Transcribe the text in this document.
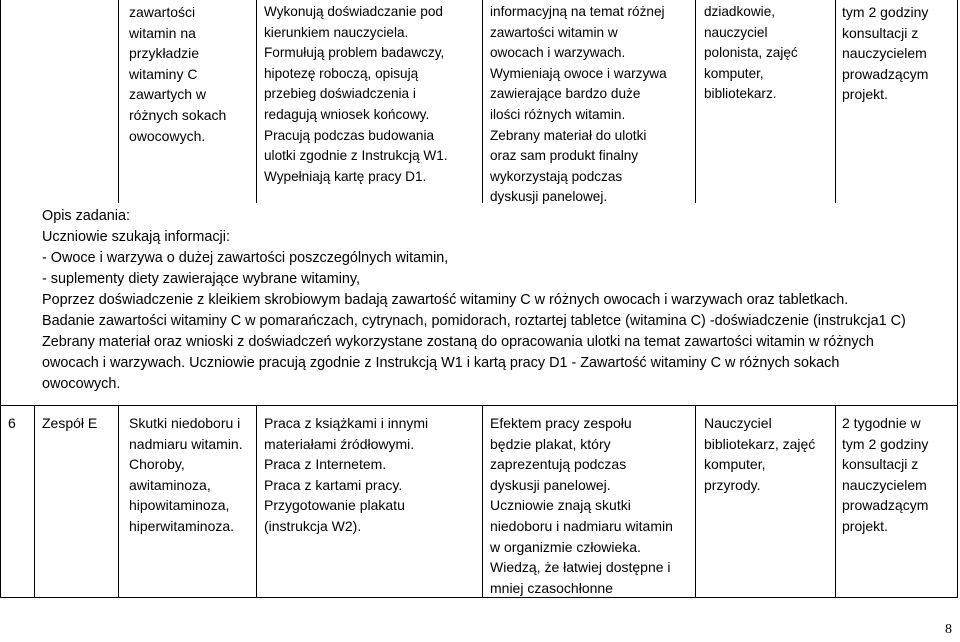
zawartości
witamin na
przykładzie
witaminy C
zawartych w
różnych sokach
owocowych.
Wykonują doświadczanie pod
kierunkiem nauczyciela.
Formułują problem badawczy,
hipotezę roboczą, opisują
przebieg doświadczenia i
redagują wniosek końcowy.
Pracują podczas budowania
ulotki zgodnie z Instrukcją W1.
Wypełniają kartę pracy D1.
informacyjną na temat różnej
zawartości witamin w
owocach i warzywach.
Wymieniają owoce i warzywa
zawierające bardzo duże
ilości różnych witamin.
Zebrany materiał do ulotki
oraz sam produkt finalny
wykorzystają podczas
dyskusji panelowej.
dziadkowie,
nauczyciel
polonista, zajęć
komputer,
bibliotekarz.
tym 2 godziny
konsultacji z
nauczycielem
prowadzącym
projekt.
Opis zadania:
Uczniowie szukają informacji:
- Owoce i warzywa o dużej zawartości poszczególnych witamin,
- suplementy diety zawierające wybrane witaminy,
Poprzez doświadczenie z kleikiem skrobiowym badają zawartość witaminy C w różnych owocach i warzywach oraz tabletkach.
Badanie zawartości witaminy C w pomarańczach, cytrynach, pomidorach, roztartej tabletce (witamina C) -doświadczenie (instrukcja1 C)
Zebrany materiał oraz wnioski z doświadczeń wykorzystane zostaną do opracowania ulotki na temat zawartości witamin w różnych
owocach i warzywach. Uczniowie pracują zgodnie z Instrukcją W1 i kartą pracy D1 - Zawartość witaminy C w różnych sokach
owocowych.
6 Zespół E Skutki niedoboru i
nadmiaru witamin.
Choroby,
awitaminoza,
hipowitaminoza,
hiperwitaminoza.
Praca z książkami i innymi
materiałami źródłowymi.
Praca z Internetem.
Praca z kartami pracy.
Przygotowanie plakatu
(instrukcja W2).
Efektem pracy zespołu
będzie plakat, który
zaprezentują podczas
dyskusji panelowej.
Uczniowie znają skutki
niedoboru i nadmiaru witamin
w organizmie człowieka.
Wiedzą, że łatwiej dostępne i
mniej czasochłonne
Nauczyciel
bibliotekarz, zajęć
komputer,
przyrody.
2 tygodnie w
tym 2 godziny
konsultacji z
nauczycielem
prowadzącym
projekt.
8
